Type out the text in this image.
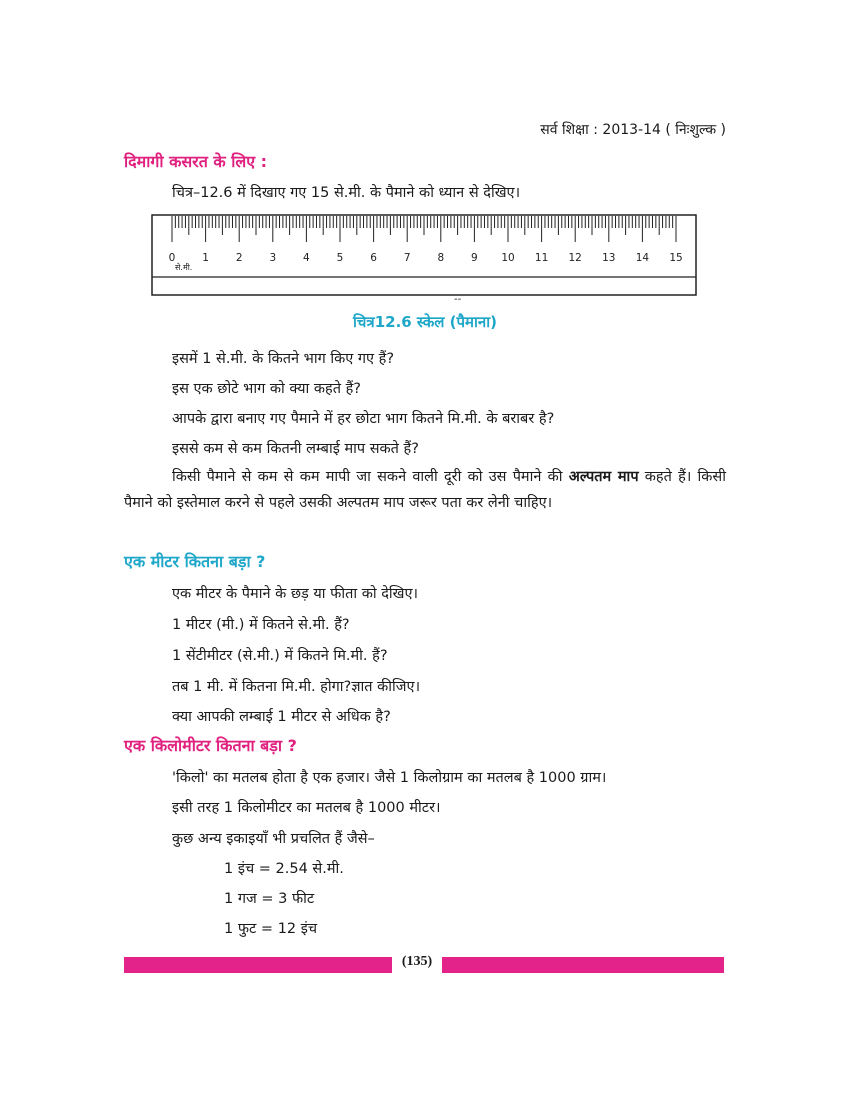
सर्व शिक्षा : 2013-14 ( निःशुल्क )
दिमागी कसरत के लिए :
चित्र–12.6 में दिखाए गए 15 से.मी. के पैमाने को ध्यान से देखिए।
0	1	2	3	4	5	6	7	8	9 10 11 12 13 14 15
से.मी.
--
चित्र12.6 स्केल (पैमाना)
इसमें 1 से.मी. के कितने भाग किए गए हैं?
इस एक छोटे भाग को क्या कहते हैं?
आपके द्वारा बनाए गए पैमाने में हर छोटा भाग कितने मि.मी. के बराबर है?
इससे कम से कम कितनी लम्बाई माप सकते हैं?
किसी पैमाने से कम से कम मापी जा सकने वाली दूरी को उस पैमाने की अल्पतम माप कहते हैं। किसी पैमाने को इस्तेमाल करने से पहले उसकी अल्पतम माप जरूर पता कर लेनी चाहिए।
एक मीटर कितना बड़ा ?
एक मीटर के पैमाने के छड़ या फीता को देखिए।
1 मीटर (मी.) में कितने से.मी. हैं?
1 सेंटीमीटर (से.मी.) में कितने मि.मी. हैं?
तब 1 मी. में कितना मि.मी. होगा?ज्ञात कीजिए।
क्या आपकी लम्बाई 1 मीटर से अधिक है?
एक किलोमीटर कितना बड़ा ?
'किलो' का मतलब होता है एक हजार। जैसे 1 किलोग्राम का मतलब है 1000 ग्राम।
इसी तरह 1 किलोमीटर का मतलब है 1000 मीटर।
कुछ अन्य इकाइयाँ भी प्रचलित हैं जैसे–
1 इंच = 2.54 से.मी.
1 गज = 3 फीट
1 फुट = 12 इंच
(135)
